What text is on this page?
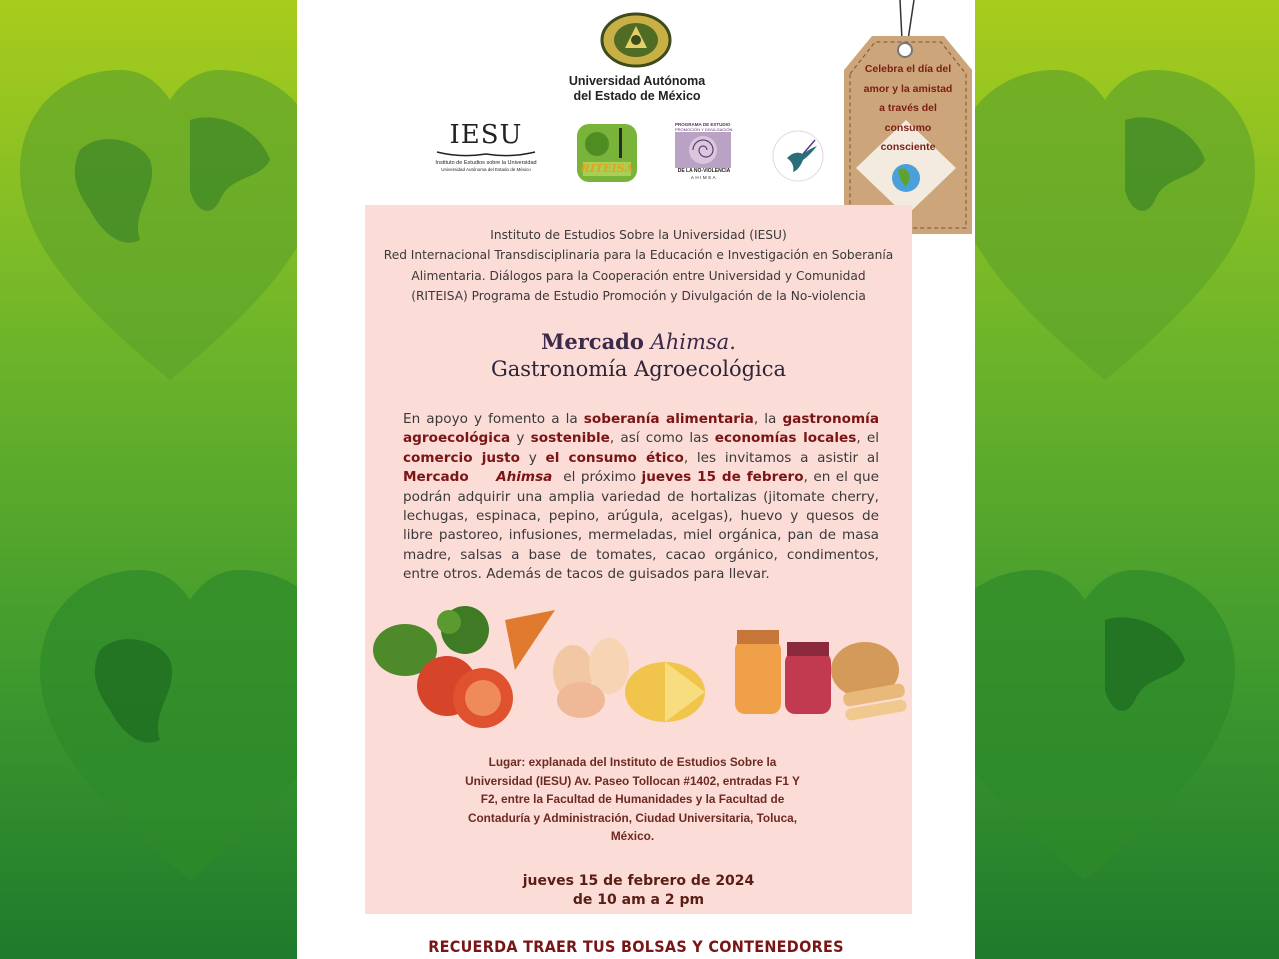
Universidad Autónoma
del Estado de México
IESU
Instituto de Estudios sobre la Universidad
Universidad Autónoma del Estado de México	RITEISA
PROGRAMA DE ESTUDIO
PROMOCIÓN Y DIVULGACIÓN
DE LA NO-VIOLENCIA
AHIMSA
Celebra el día del
amor y la amistad
a través del
consumo
consciente
Instituto de Estudios Sobre la Universidad (IESU)
Red Internacional Transdisciplinaria para la Educación e Investigación en Soberanía
Alimentaria. Diálogos para la Cooperación entre Universidad y Comunidad
(RITEISA) Programa de Estudio Promoción y Divulgación de la No-violencia
Mercado Ahimsa.
Gastronomía Agroecológica
En apoyo y fomento a la soberanía alimentaria, la gastronomía agroecológica y sostenible, así como las economías locales, el comercio justo y el consumo ético, les invitamos a asistir al Mercado Ahimsa  el próximo jueves 15 de febrero, en el que podrán adquirir una amplia variedad de hortalizas (jitomate cherry, lechugas, espinaca, pepino, arúgula, acelgas), huevo y quesos de libre pastoreo, infusiones, mermeladas, miel orgánica, pan de masa madre, salsas a base de tomates, cacao orgánico, condimentos, entre otros. Además de tacos de guisados para llevar.
Lugar: explanada del Instituto de Estudios Sobre la
Universidad (IESU) Av. Paseo Tollocan #1402, entradas F1 Y
F2, entre la Facultad de Humanidades y la Facultad de
Contaduría y Administración, Ciudad Universitaria, Toluca,
México.
jueves 15 de febrero de 2024
de 10 am a 2 pm
RECUERDA TRAER TUS BOLSAS Y CONTENEDORES
